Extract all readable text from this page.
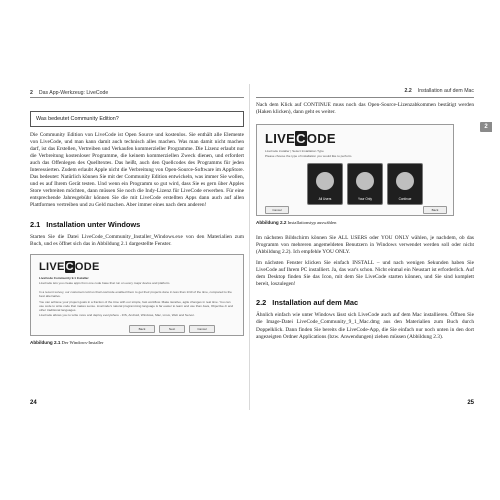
2
2 Das App-Werkzeug: LiveCode
Was bedeutet Community Edition?

Die Community Edition von LiveCode ist Open Source und kostenlos. Sie enthält alle Elemente von LiveCode, und man kann damit auch technisch alles machen. Was man damit nicht machen darf, ist das Erstellen, Vertreiben und Verkaufen kommerzieller Programme. Die Lizenz erlaubt nur die Verbreitung kostenloser Programme, die keinem kommerziellen Zweck dienen, und erfordert auch das Offenlegen des Quelltextes. Das heißt, auch den Quellcodes des Programms für jeden Interessierten. Zudem erlaubt Apple nicht die Verbreitung von Open-Source-Software im AppStore. Das bedeutet: Natürlich können Sie mit der Community Edition entwickeln, was immer Sie wollen, und es auf Ihrem Gerät testen. Und wenn ein Programm so gut wird, dass Sie es gern über Apples Store verbreiten möchten, dann müssen Sie noch die Indy-Lizenz für LiveCode erwerben. Für eine entsprechende Jahresgebühr können Sie die mit LiveCode erstellten Apps dann auch auf allen Plattformen vertreiben und zu Geld machen. Aber immer eines nach dem anderen!

2.1 Installation unter Windows

Starten Sie die Datei LiveCode_Community_Installer_Windows.exe von den Materialien zum Buch, und es öffnet sich das in Abbildung 2.1 dargestellte Fenster.

LIVECODE
LiveCode Community 9.1 Installer
LiveCode lets you create apps from one code base that run on every major device and platform.
In a recent survey, our customers told us that LiveCode enabled them to get their projects done in less than 1/10 of the time, compared to the best alternative.
You can achieve your project goals in a fraction of the time with our simple, fast workflow. Make iterative, agile changes in real time. You can use code to write code that makes sense. LiveCode's natural programming language is far easier to learn and use than Java, Objective-C and other traditional languages.
LiveCode allows you to write more and deploy everywhere - iOS, Android, Windows, Mac, Linux, Web and Server.
Back	Next	Cancel
Abbildung 2.1 Der Windows-Installer
24
2.2 Installation auf dem Mac

Nach dem Klick auf CONTINUE muss noch das Open-Source-Lizenzabkommen bestätigt werden (Haken klicken), dann geht es weiter.

LIVECODE
LiveCode installer | Select Installation Type
Please choose the type of installation you would like to perform.
All Users	Your Only	Continue
Cancel	Back
Abbildung 2.2 Installationstyp auswählen

Im nächsten Bildschirm können Sie ALL USERS oder YOU ONLY wählen, je nachdem, ob das Programm von mehreren angemeldeten Benutzern in Windows verwendet werden soll oder nicht (Abbildung 2.2). Ich empfehle YOU ONLY.

Im nächsten Fenster klicken Sie einfach INSTALL – und nach wenigen Sekunden haben Sie LiveCode auf Ihrem PC installiert. Ja, das war's schon. Nicht einmal ein Neustart ist erforderlich. Auf dem Desktop finden Sie das Icon, mit dem Sie LiveCode starten können, und Sie sind komplett bereit, loszulegen!

2.2 Installation auf dem Mac

Ähnlich einfach wie unter Windows lässt sich LiveCode auch auf dem Mac installieren. Öffnen Sie die Image-Datei LiveCode_Community_9_1_Mac.dmg aus den Materialien zum Buch durch Doppelklick. Dann finden Sie bereits die LiveCode-App, die Sie einfach nur noch unten in den dort angezeigten Ordner Applications (bzw. Anwendungen) ziehen müssen (Abbildung 2.3).

25
